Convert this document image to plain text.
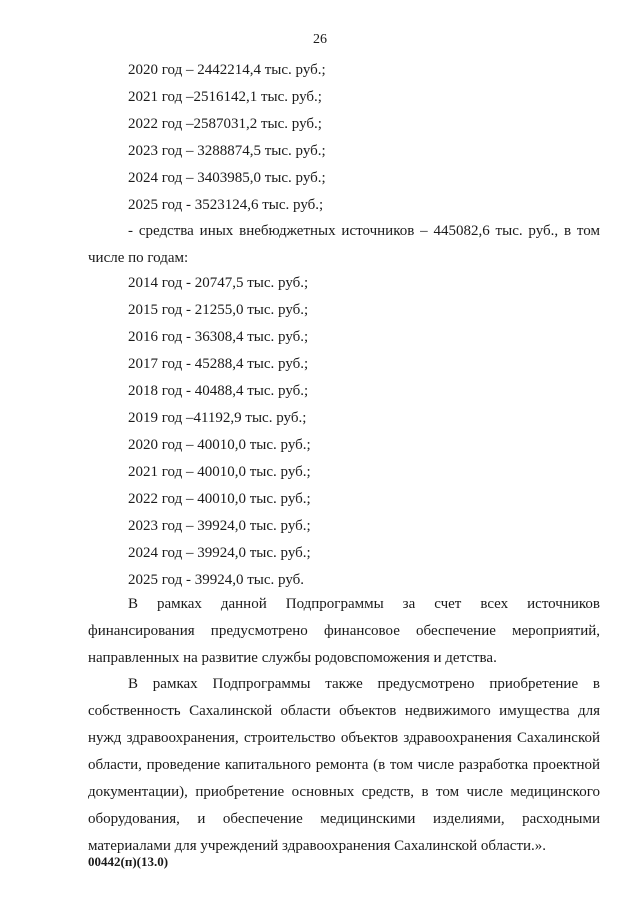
26
2020 год – 2442214,4 тыс. руб.;
2021 год –2516142,1 тыс. руб.;
2022 год –2587031,2 тыс. руб.;
2023 год – 3288874,5 тыс. руб.;
2024 год – 3403985,0 тыс. руб.;
2025 год - 3523124,6 тыс. руб.;
- средства иных внебюджетных источников – 445082,6 тыс. руб., в том числе по годам:
2014 год - 20747,5 тыс. руб.;
2015 год - 21255,0 тыс. руб.;
2016 год - 36308,4 тыс. руб.;
2017 год - 45288,4 тыс. руб.;
2018 год - 40488,4 тыс. руб.;
2019 год –41192,9 тыс. руб.;
2020 год – 40010,0 тыс. руб.;
2021 год – 40010,0 тыс. руб.;
2022 год – 40010,0 тыс. руб.;
2023 год – 39924,0 тыс. руб.;
2024 год – 39924,0 тыс. руб.;
2025 год - 39924,0 тыс. руб.
В рамках данной Подпрограммы за счет всех источников финансирования предусмотрено финансовое обеспечение мероприятий, направленных на развитие службы родовспоможения и детства.
В рамках Подпрограммы также предусмотрено приобретение в собственность Сахалинской области объектов недвижимого имущества для нужд здравоохранения, строительство объектов здравоохранения Сахалинской области, проведение капитального ремонта (в том числе разработка проектной документации), приобретение основных средств, в том числе медицинского оборудования, и обеспечение медицинскими изделиями, расходными материалами для учреждений здравоохранения Сахалинской области.».
00442(п)(13.0)
